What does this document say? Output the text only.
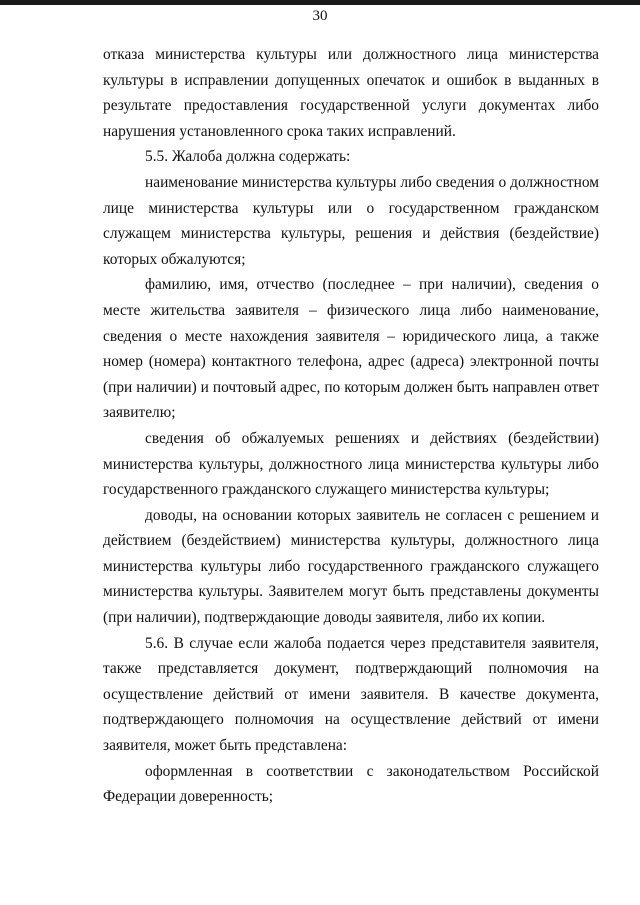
30

отказа министерства культуры или должностного лица министерства культуры в исправлении допущенных опечаток и ошибок в выданных в результате предоставления государственной услуги документах либо нарушения установленного срока таких исправлений.

5.5. Жалоба должна содержать:

наименование министерства культуры либо сведения о должностном лице министерства культуры или о государственном гражданском служащем министерства культуры, решения и действия (бездействие) которых обжалуются;

фамилию, имя, отчество (последнее – при наличии), сведения о месте жительства заявителя – физического лица либо наименование, сведения о месте нахождения заявителя – юридического лица, а также номер (номера) контактного телефона, адрес (адреса) электронной почты (при наличии) и почтовый адрес, по которым должен быть направлен ответ заявителю;

сведения об обжалуемых решениях и действиях (бездействии) министерства культуры, должностного лица министерства культуры либо государственного гражданского служащего министерства культуры;

доводы, на основании которых заявитель не согласен с решением и действием (бездействием) министерства культуры, должностного лица министерства культуры либо государственного гражданского служащего министерства культуры. Заявителем могут быть представлены документы (при наличии), подтверждающие доводы заявителя, либо их копии.

5.6. В случае если жалоба подается через представителя заявителя, также представляется документ, подтверждающий полномочия на осуществление действий от имени заявителя. В качестве документа, подтверждающего полномочия на осуществление действий от имени заявителя, может быть представлена:

оформленная в соответствии с законодательством Российской Федерации доверенность;
